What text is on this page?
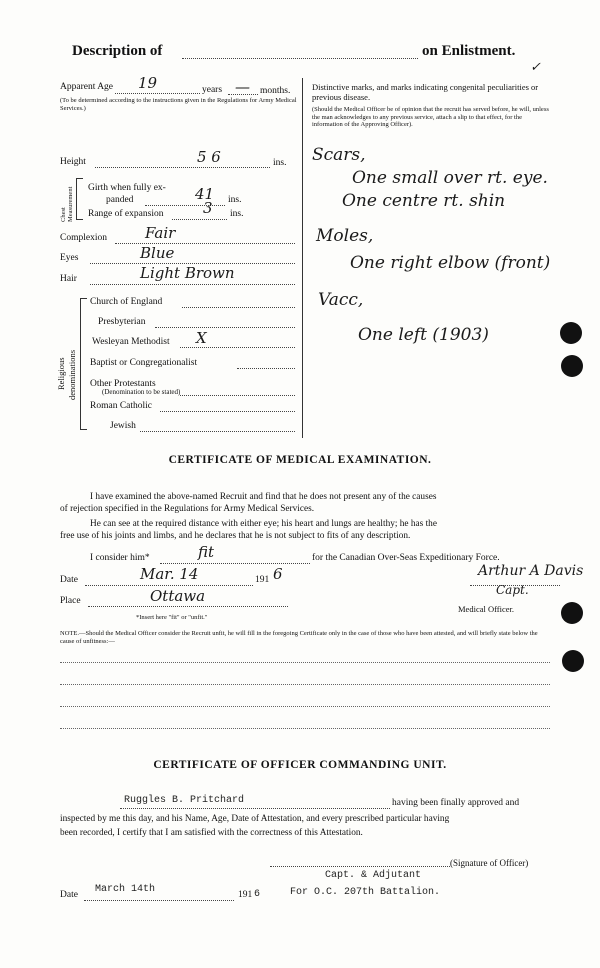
Description of	on Enlistment.
✓
Apparent Age 19	years — months.
(To be determined according to the instructions given in the Regulations for Army Medical Services.)
Height	5 6	ins.
Chest Measurement Girth when fully ex-
panded	41 ins.
Range of expansion	3 ins.
Complexion	Fair
Eyes	Blue
Hair	Light Brown
Religious denominations
Church of England
Presbyterian
Wesleyan Methodist X
Baptist or Congregationalist
Other Protestants
(Denomination to be stated)
Roman Catholic
Jewish
Distinctive marks, and marks indicating congenital peculiarities or previous disease.
(Should the Medical Officer be of opinion that the recruit has served before, he will, unless the man acknowledges to any previous service, attach a slip to that effect, for the information of the Approving Officer).
Scars,
One small over rt. eye.
One centre rt. shin
Moles,
One right elbow (front)
Vacc,
One left (1903)
CERTIFICATE OF MEDICAL EXAMINATION.
I have examined the above-named Recruit and find that he does not present any of the causes
of rejection specified in the Regulations for Army Medical Services.
He can see at the required distance with either eye; his heart and lungs are healthy; he has the
free use of his joints and limbs, and he declares that he is not subject to fits of any description.
I consider him*	fit	for the Canadian Over-Seas Expeditionary Force.
Date	Mar. 14	191 6	Arthur A Davis
Capt.
Place	Ottawa
Medical Officer.
*Insert here "fit" or "unfit."
NOTE.—Should the Medical Officer consider the Recruit unfit, he will fill in the foregoing Certificate only in the case of those who have been attested, and will briefly state below the cause of unfitness:—
CERTIFICATE OF OFFICER COMMANDING UNIT.
Ruggles B. Pritchard	having been finally approved and
inspected by me this day, and his Name, Age, Date of Attestation, and every prescribed particular having
been recorded, I certify that I am satisfied with the correctness of this Attestation.
(Signature of Officer)
Capt. & Adjutant
Date March 14th	191 6	For O.C. 207th Battalion.
